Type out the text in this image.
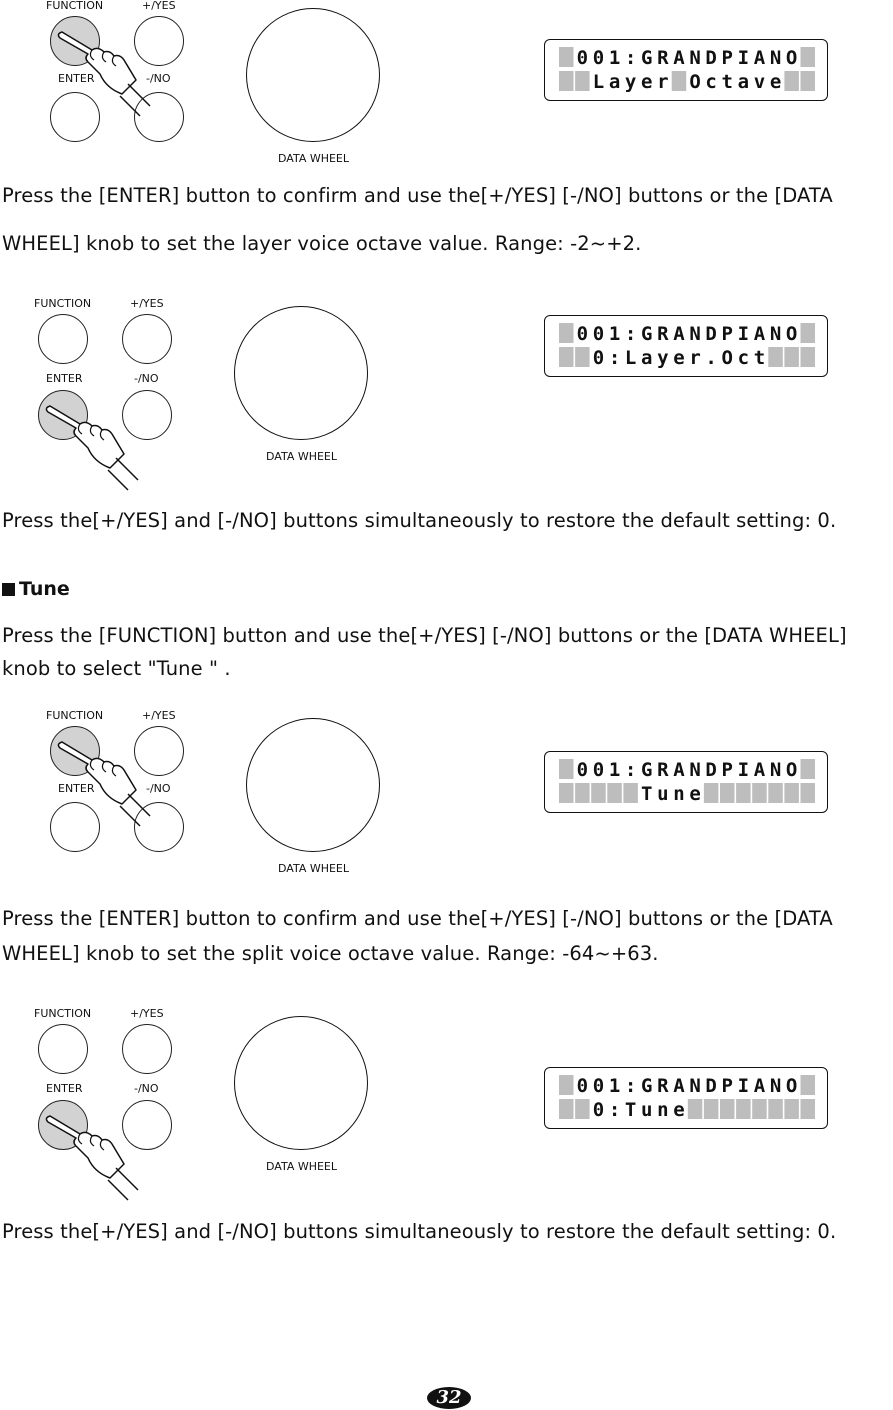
FUNCTION	+/YES
ENTER	-/NO
DATA WHEEL
0 0 1 : G R A N D P I A N O
L a y e r O c t a v e

Press the [ENTER] button to confirm and use the[+/YES] [-/NO] buttons or the [DATA

WHEEL] knob to set the layer voice octave value. Range: -2~+2.

FUNCTION	+/YES
ENTER	-/NO
DATA WHEEL
0 0 1 : G R A N D P I A N O
0 : L a y e r . O c t

Press the[+/YES] and [-/NO] buttons simultaneously to restore the default setting: 0.

Tune

Press the [FUNCTION] button and use the[+/YES] [-/NO] buttons or the [DATA WHEEL]

knob to select "Tune " .

FUNCTION	+/YES
ENTER	-/NO
DATA WHEEL
0 0 1 : G R A N D P I A N O
T u n e

Press the [ENTER] button to confirm and use the[+/YES] [-/NO] buttons or the [DATA

WHEEL] knob to set the split voice octave value. Range: -64~+63.

FUNCTION	+/YES
ENTER	-/NO
DATA WHEEL
0 0 1 : G R A N D P I A N O
0 : T u n e

Press the[+/YES] and [-/NO] buttons simultaneously to restore the default setting: 0.

32
